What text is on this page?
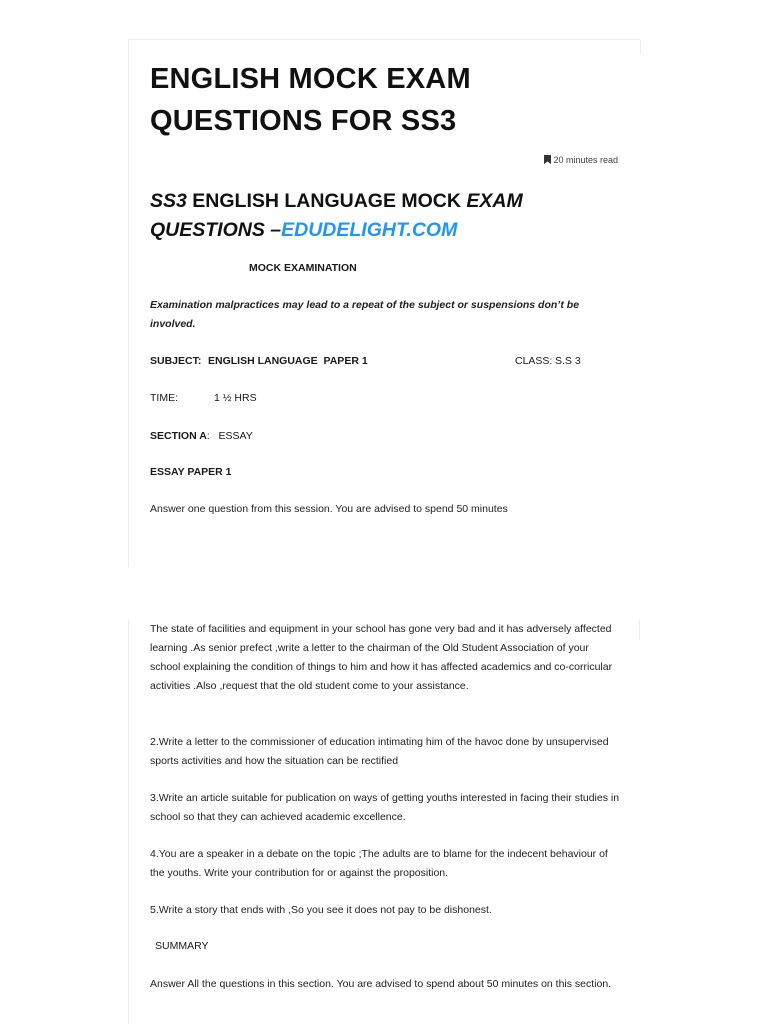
ENGLISH MOCK EXAM QUESTIONS FOR SS3
20 minutes read
SS3 ENGLISH LANGUAGE MOCK EXAM QUESTIONS –EDUDELIGHT.COM
MOCK EXAMINATION
Examination malpractices may lead to a repeat of the subject or suspensions don’t be involved.
SUBJECT: ENGLISH LANGUAGE  PAPER 1	CLASS: S.S 3
TIME:	1 ½ HRS
SECTION A:   ESSAY
ESSAY PAPER 1
Answer one question from this session. You are advised to spend 50 minutes
The state of facilities and equipment in your school has gone very bad and it has adversely affected learning .As senior prefect ,write a letter to the chairman of the Old Student Association of your school explaining the condition of things to him and how it has affected academics and co-corricular activities .Also ,request that the old student come to your assistance.
2.Write a letter to the commissioner of education intimating him of the havoc done by unsupervised sports activities and how the situation can be rectified
3.Write an article suitable for publication on ways of getting youths interested in facing their studies in school so that they can achieved academic excellence.
4.You are a speaker in a debate on the topic ;The adults are to blame for the indecent behaviour of the youths. Write your contribution for or against the proposition.
5.Write a story that ends with ,So you see it does not pay to be dishonest.
SUMMARY
Answer All the questions in this section. You are advised to spend about 50 minutes on this section.
